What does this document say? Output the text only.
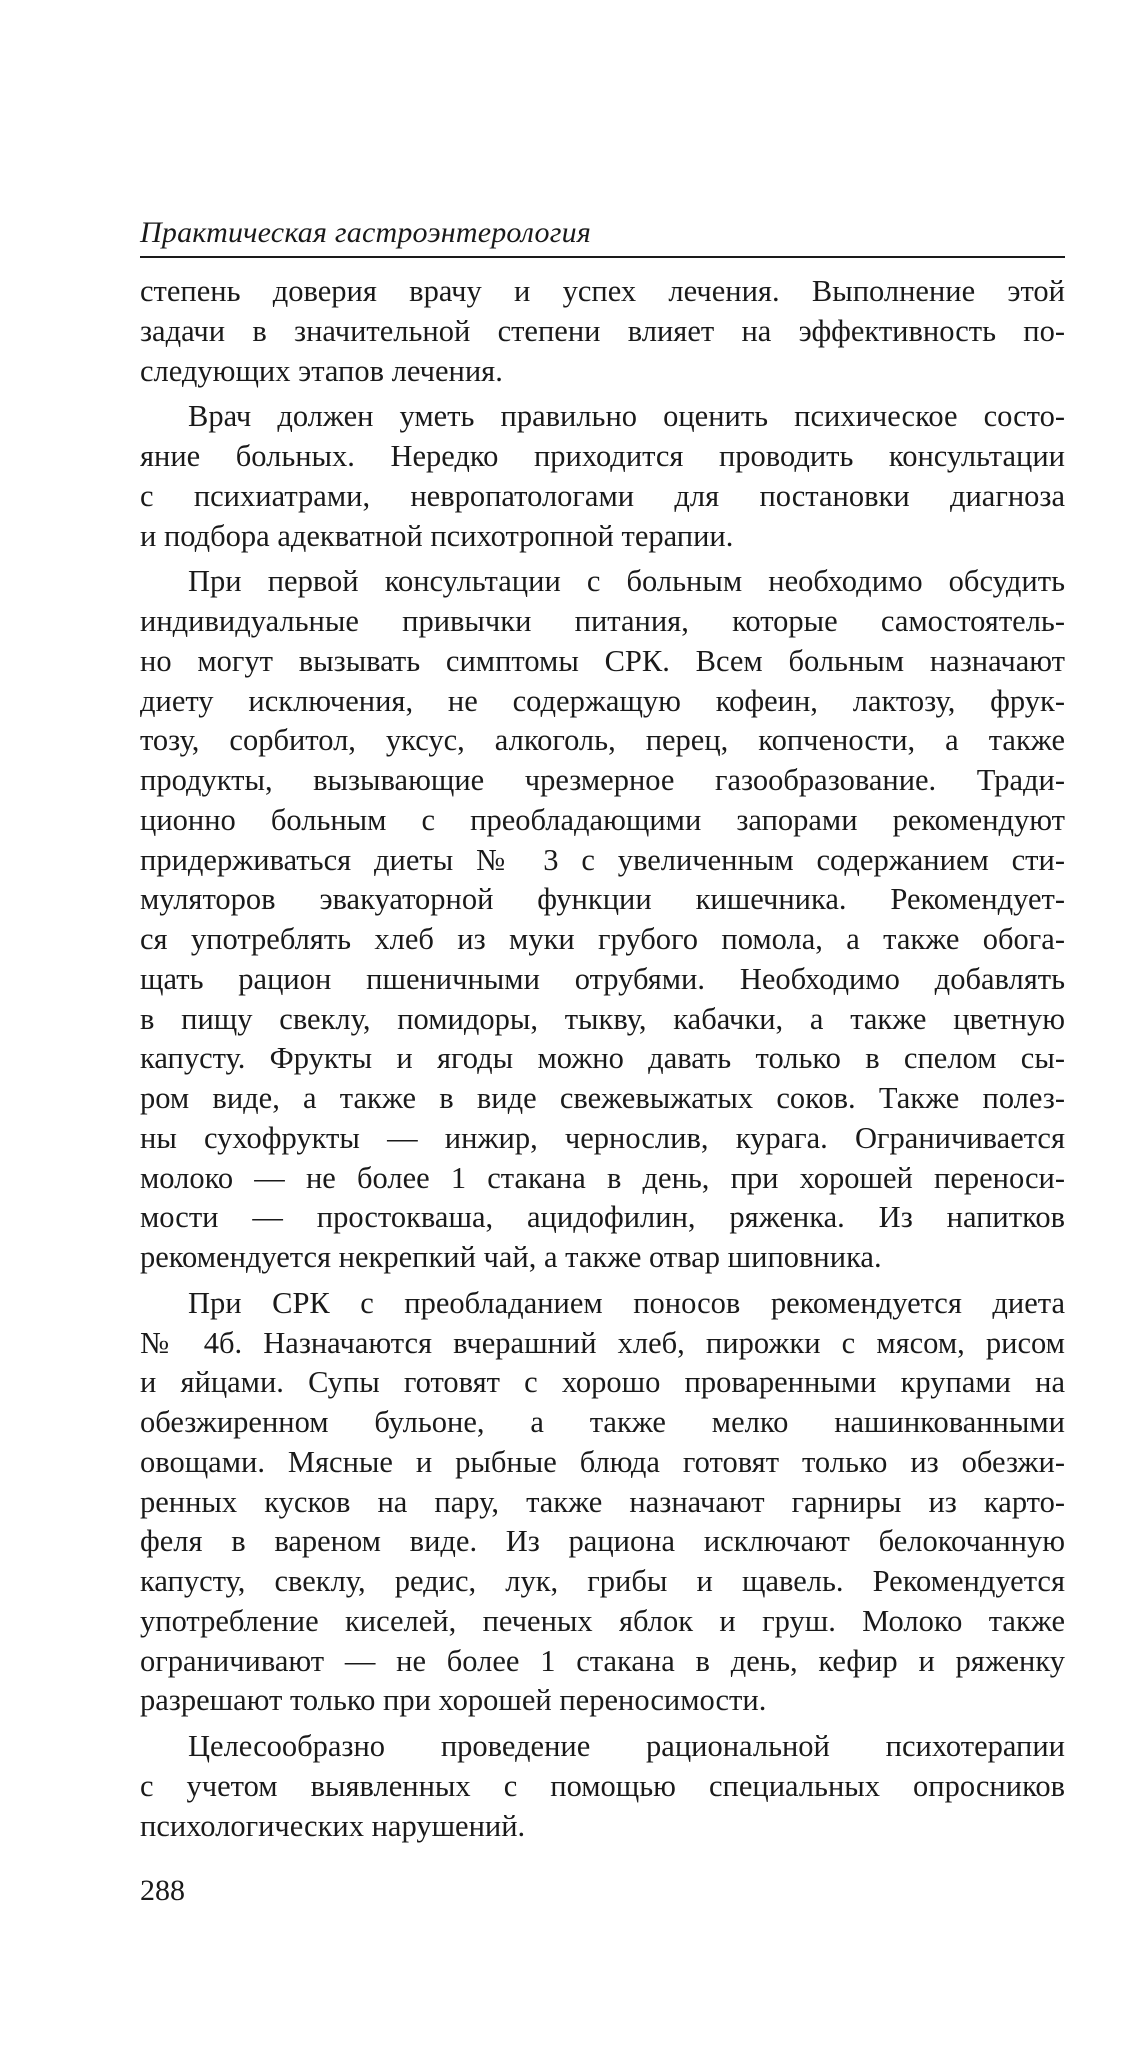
Практическая гастроэнтерология
степень доверия врачу и успех лечения. Выполнение этой
задачи в значительной степени влияет на эффективность по-
следующих этапов лечения.
Врач должен уметь правильно оценить психическое состо-
яние больных. Нередко приходится проводить консультации
с психиатрами, невропатологами для постановки диагноза
и подбора адекватной психотропной терапии.
При первой консультации с больным необходимо обсудить
индивидуальные привычки питания, которые самостоятель-
но могут вызывать симптомы СРК. Всем больным назначают
диету исключения, не содержащую кофеин, лактозу, фрук-
тозу, сорбитол, уксус, алкоголь, перец, копчености, а также
продукты, вызывающие чрезмерное газообразование. Тради-
ционно больным с преобладающими запорами рекомендуют
придерживаться диеты № 3 с увеличенным содержанием сти-
муляторов эвакуаторной функции кишечника. Рекомендует-
ся употреблять хлеб из муки грубого помола, а также обога-
щать рацион пшеничными отрубями. Необходимо добавлять
в пищу свеклу, помидоры, тыкву, кабачки, а также цветную
капусту. Фрукты и ягоды можно давать только в спелом сы-
ром виде, а также в виде свежевыжатых соков. Также полез-
ны сухофрукты — инжир, чернослив, курага. Ограничивается
молоко — не более 1 стакана в день, при хорошей переноси-
мости — простокваша, ацидофилин, ряженка. Из напитков
рекомендуется некрепкий чай, а также отвар шиповника.
При СРК с преобладанием поносов рекомендуется диета
№ 4б. Назначаются вчерашний хлеб, пирожки с мясом, рисом
и яйцами. Супы готовят с хорошо проваренными крупами на
обезжиренном бульоне, а также мелко нашинкованными
овощами. Мясные и рыбные блюда готовят только из обезжи-
ренных кусков на пару, также назначают гарниры из карто-
феля в вареном виде. Из рациона исключают белокочанную
капусту, свеклу, редис, лук, грибы и щавель. Рекомендуется
употребление киселей, печеных яблок и груш. Молоко также
ограничивают — не более 1 стакана в день, кефир и ряженку
разрешают только при хорошей переносимости.
Целесообразно проведение рациональной психотерапии
с учетом выявленных с помощью специальных опросников
психологических нарушений.
288
